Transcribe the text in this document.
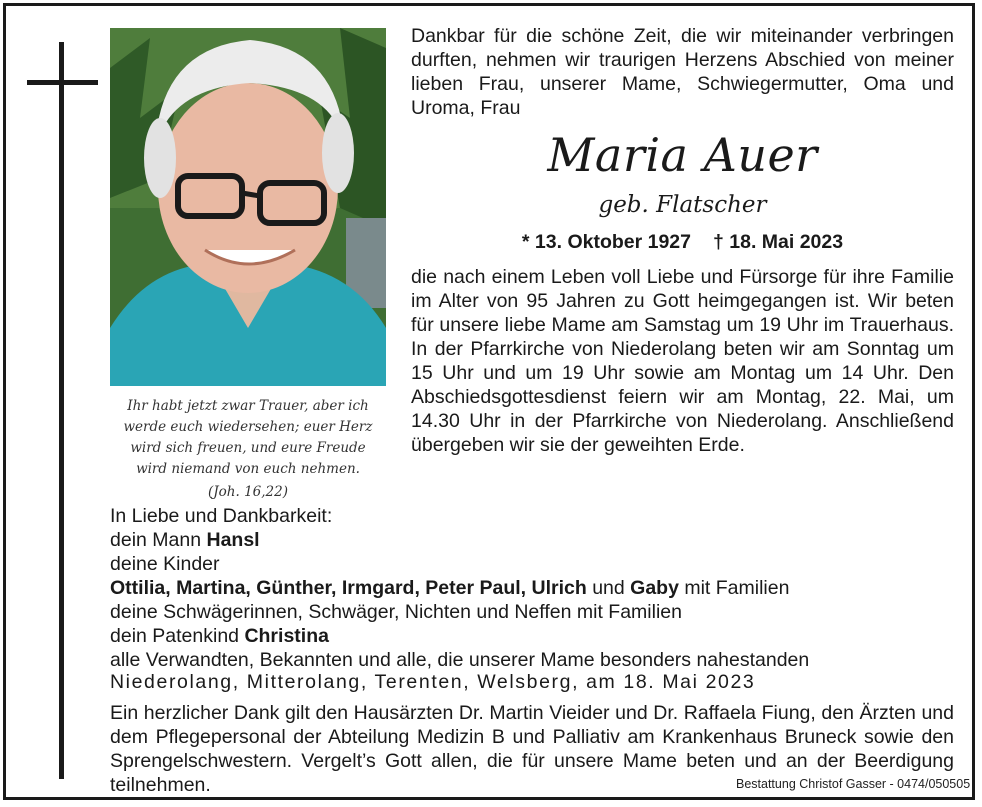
Ihr habt jetzt zwar Trauer, aber ich
werde euch wiedersehen; euer Herz
wird sich freuen, und eure Freude
wird niemand von euch nehmen.
(Joh. 16,22)
Dankbar für die schöne Zeit, die wir miteinander verbringen durften, nehmen wir traurigen Herzens Abschied von meiner lieben Frau, unserer Mame, Schwiegermutter, Oma und Uroma, Frau
Maria Auer
geb. Flatscher
* 13. Oktober 1927 † 18. Mai 2023
die nach einem Leben voll Liebe und Fürsorge für ihre Familie im Alter von 95 Jahren zu Gott heimgegangen ist. Wir beten für unsere liebe Mame am Samstag um 19 Uhr im Trauerhaus. In der Pfarrkirche von Niederolang beten wir am Sonntag um 15 Uhr und um 19 Uhr sowie am Montag um 14 Uhr. Den Abschiedsgottesdienst feiern wir am Montag, 22. Mai, um 14.30 Uhr in der Pfarrkirche von Niederolang. Anschließend übergeben wir sie der geweihten Erde.
In Liebe und Dankbarkeit:
dein Mann Hansl
deine Kinder
Ottilia, Martina, Günther, Irmgard, Peter Paul, Ulrich und Gaby mit Familien
deine Schwägerinnen, Schwäger, Nichten und Neffen mit Familien
dein Patenkind Christina
alle Verwandten, Bekannten und alle, die unserer Mame besonders nahestanden
Niederolang, Mitterolang, Terenten, Welsberg, am 18. Mai 2023
Ein herzlicher Dank gilt den Hausärzten Dr. Martin Vieider und Dr. Raffaela Fiung, den Ärzten und dem Pflegepersonal der Abteilung Medizin B und Palliativ am Krankenhaus Bruneck sowie den Sprengelschwestern. Vergelt’s Gott allen, die für unsere Mame beten und an der Beerdigung teilnehmen.	Bestattung Christof Gasser - 0474/050505
